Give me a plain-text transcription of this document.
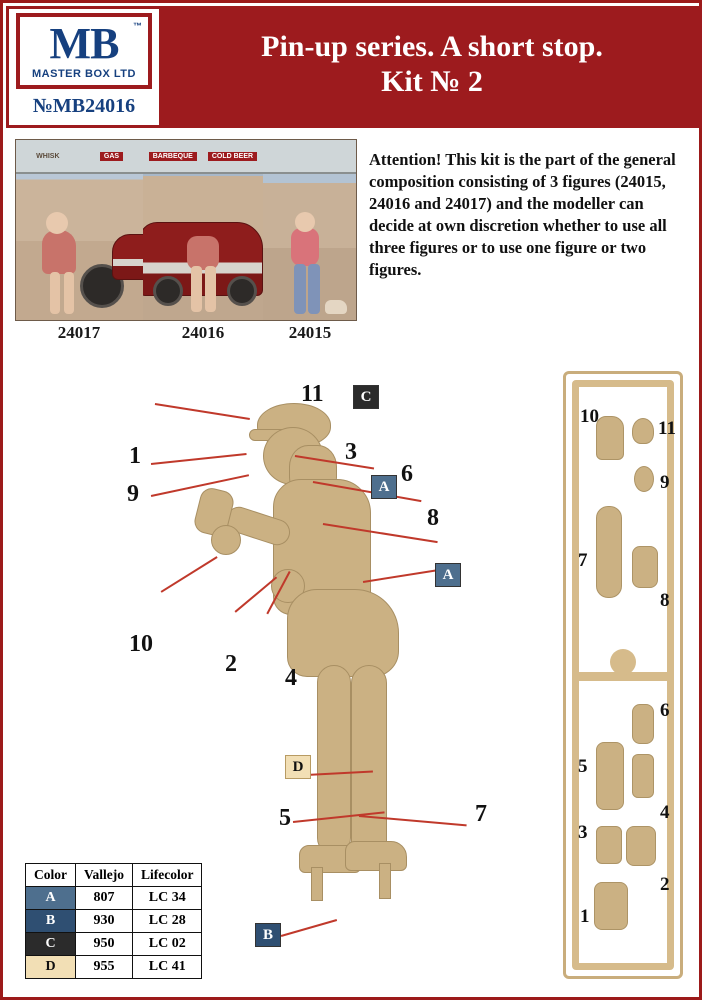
™
MB
MASTER BOX LTD
№MB24016
Pin-up series. A short stop.
Kit № 2
WHISK	GAS	BARBEQUE	COLD BEER
24017	24016	24015
Attention! This kit is the part of the general composition consisting of 3 figures (24015, 24016 and 24017) and the modeller can decide at own discretion whether to use all three figures or to use one figure or two figures.
11
1
9
3
6
8
10
2
4
5	7
C
A
A
D
B
Color	Vallejo	Lifecolor
A	807	LC 34
B	930	LC 28
C	950	LC 02
D	955	LC 41
10
11
9
7
8
6
5
4
3
2
1
